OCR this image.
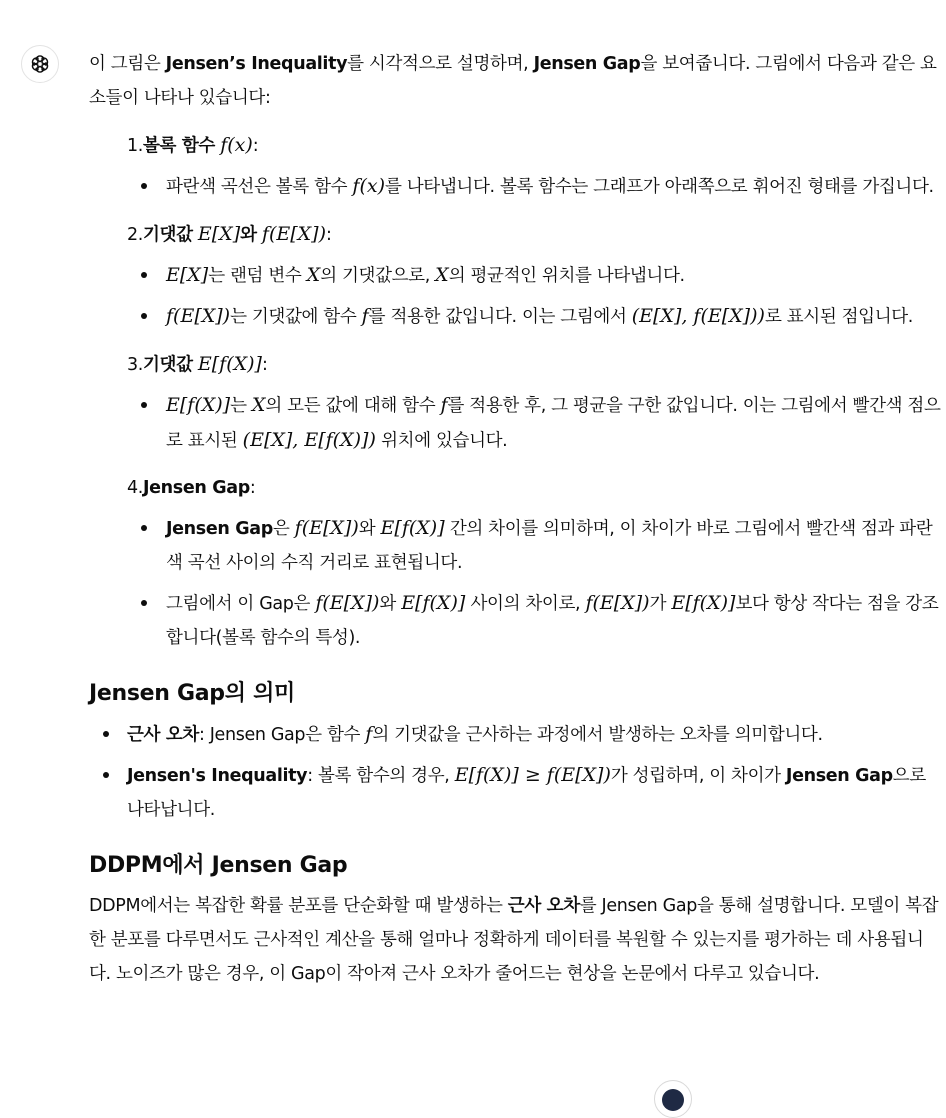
이 그림은 Jensen’s Inequality를 시각적으로 설명하며, Jensen Gap을 보여줍니다. 그림에서 다음과 같은 요소들이 나타나 있습니다:

1.볼록 함수 f(x):
파란색 곡선은 볼록 함수 f(x)를 나타냅니다. 볼록 함수는 그래프가 아래쪽으로 휘어진 형태를 가집니다.
2.기댓값 E[X]와 f(E[X]):
E[X]는 랜덤 변수 X의 기댓값으로, X의 평균적인 위치를 나타냅니다.
f(E[X])는 기댓값에 함수 f를 적용한 값입니다. 이는 그림에서 (E[X], f(E[X]))로 표시된 점입니다.
3.기댓값 E[f(X)]:
E[f(X)]는 X의 모든 값에 대해 함수 f를 적용한 후, 그 평균을 구한 값입니다. 이는 그림에서 빨간색 점으로 표시된 (E[X], E[f(X)]) 위치에 있습니다.
4.Jensen Gap:
Jensen Gap은 f(E[X])와 E[f(X)] 간의 차이를 의미하며, 이 차이가 바로 그림에서 빨간색 점과 파란색 곡선 사이의 수직 거리로 표현됩니다.
그림에서 이 Gap은 f(E[X])와 E[f(X)] 사이의 차이로, f(E[X])가 E[f(X)]보다 항상 작다는 점을 강조합니다(볼록 함수의 특성).
Jensen Gap의 의미
근사 오차: Jensen Gap은 함수 f의 기댓값을 근사하는 과정에서 발생하는 오차를 의미합니다.
Jensen's Inequality: 볼록 함수의 경우, E[f(X)] ≥ f(E[X])가 성립하며, 이 차이가 Jensen Gap으로 나타납니다.
DDPM에서 Jensen Gap

DDPM에서는 복잡한 확률 분포를 단순화할 때 발생하는 근사 오차를 Jensen Gap을 통해 설명합니다. 모델이 복잡한 분포를 다루면서도 근사적인 계산을 통해 얼마나 정확하게 데이터를 복원할 수 있는지를 평가하는 데 사용됩니다. 노이즈가 많은 경우, 이 Gap이 작아져 근사 오차가 줄어드는 현상을 논문에서 다루고 있습니다.
